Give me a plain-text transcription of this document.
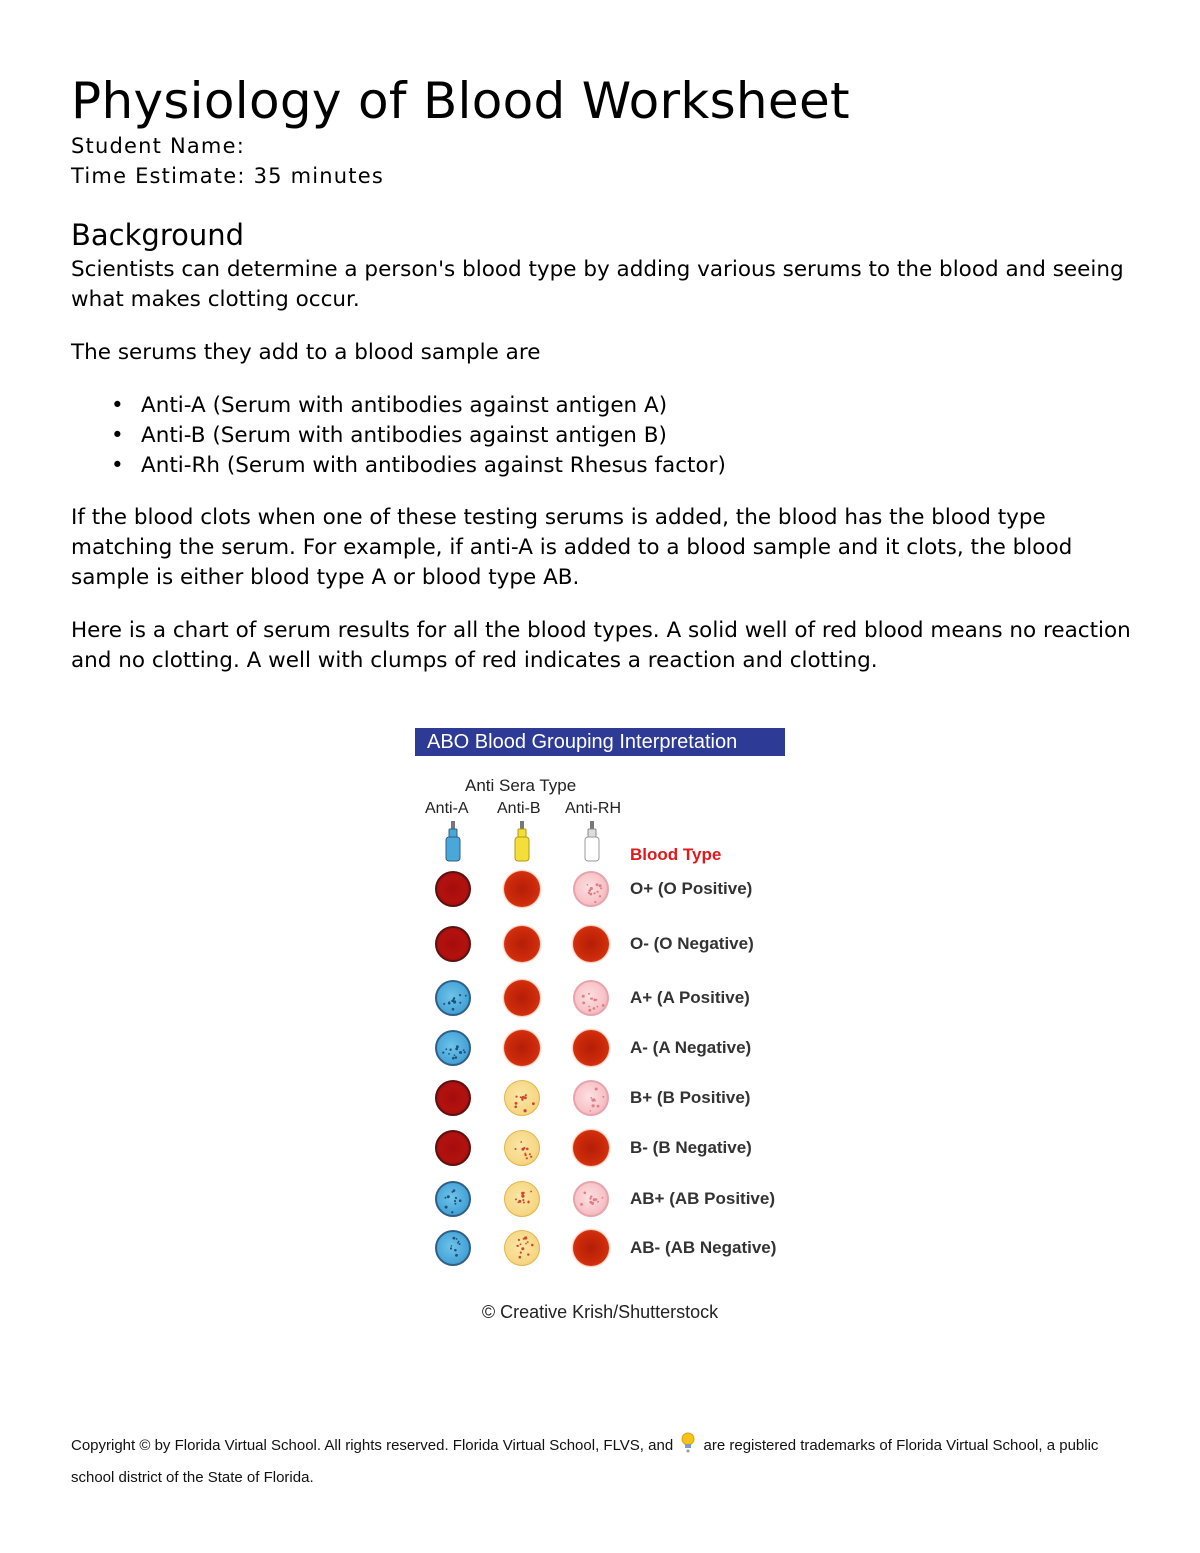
Physiology of Blood Worksheet
Student Name:
Time Estimate: 35 minutes
Background

Scientists can determine a person's blood type by adding various serums to the blood and seeing what makes clotting occur.

The serums they add to a blood sample are

• Anti-A (Serum with antibodies against antigen A)
• Anti-B (Serum with antibodies against antigen B)
• Anti-Rh (Serum with antibodies against Rhesus factor)

If the blood clots when one of these testing serums is added, the blood has the blood type matching the serum. For example, if anti-A is added to a blood sample and it clots, the blood sample is either blood type A or blood type AB.

Here is a chart of serum results for all the blood types. A solid well of red blood means no reaction and no clotting. A well with clumps of red indicates a reaction and clotting.

ABO Blood Grouping Interpretation
Anti Sera Type
Anti-A Anti-B Anti-RH
Blood Type
O+ (O Positive)
O- (O Negative)
A+ (A Positive)
A- (A Negative)
B+ (B Positive)
B- (B Negative)
AB+ (AB Positive)
AB- (AB Negative)
© Creative Krish/Shutterstock
Copyright © by Florida Virtual School. All rights reserved. Florida Virtual School, FLVS, and are registered trademarks of Florida Virtual School, a public school district of the State of Florida.
